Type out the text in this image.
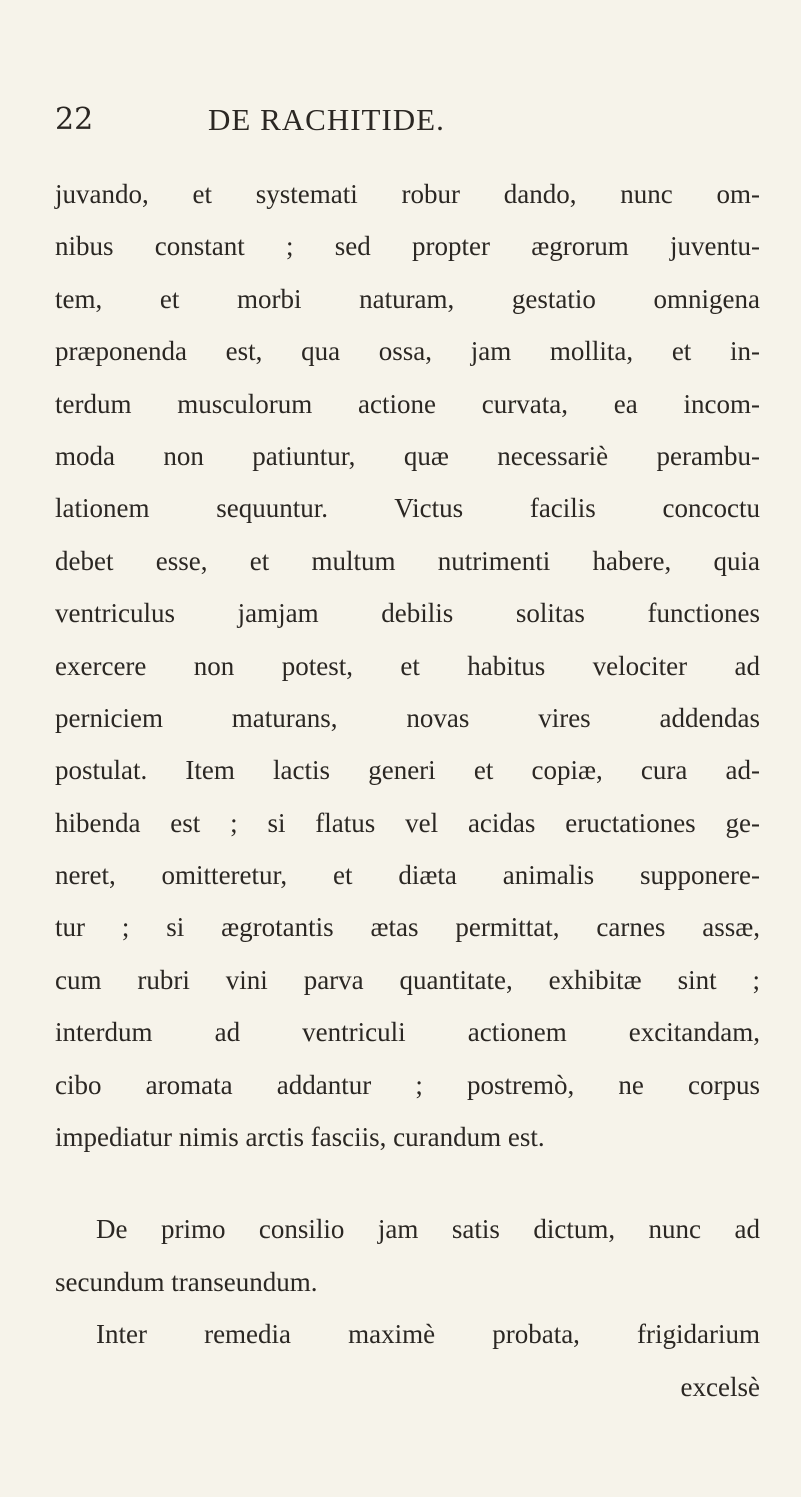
22	DE RACHITIDE.
juvando, et systemati robur dando, nunc om-
nibus constant ; sed propter ægrorum juventu-
tem, et morbi naturam, gestatio omnigena
præponenda est, qua ossa, jam mollita, et in-
terdum musculorum actione curvata, ea incom-
moda non patiuntur, quæ necessariè perambu-
lationem sequuntur. Victus facilis concoctu
debet esse, et multum nutrimenti habere, quia
ventriculus jamjam debilis solitas functiones
exercere non potest, et habitus velociter ad
perniciem maturans, novas vires addendas
postulat. Item lactis generi et copiæ, cura ad-
hibenda est ; si flatus vel acidas eructationes ge-
neret, omitteretur, et diæta animalis supponere-
tur ; si ægrotantis ætas permittat, carnes assæ,
cum rubri vini parva quantitate, exhibitæ sint ;
interdum ad ventriculi actionem excitandam,
cibo aromata addantur ; postremò, ne corpus
impediatur nimis arctis fasciis, curandum est.
De primo consilio jam satis dictum, nunc ad
secundum transeundum.
Inter remedia maximè probata, frigidarium
excelsè
